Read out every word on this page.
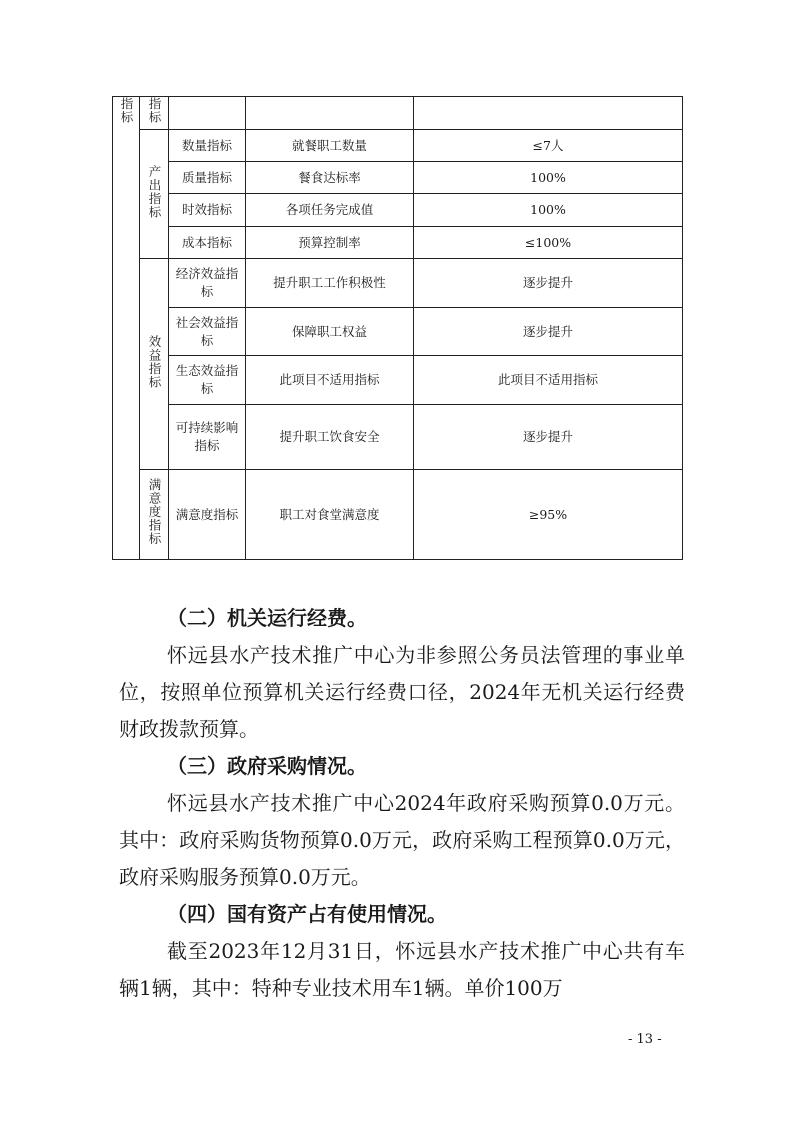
指标	指标			
	产出指标	数量指标	就餐职工数量	≤7人
		质量指标	餐食达标率	100%
		时效指标	各项任务完成值	100%
		成本指标	预算控制率	≤100%
	效益指标	经济效益指标	提升职工工作积极性	逐步提升
		社会效益指标	保障职工权益	逐步提升
		生态效益指标	此项目不适用指标	此项目不适用指标
		可持续影响指标	提升职工饮食安全	逐步提升
	满意度指标	满意度指标	职工对食堂满意度	≥95%

（二）机关运行经费。

怀远县水产技术推广中心为非参照公务员法管理的事业单位，按照单位预算机关运行经费口径，2024年无机关运行经费财政拨款预算。

（三）政府采购情况。

怀远县水产技术推广中心2024年政府采购预算0.0万元。其中：政府采购货物预算0.0万元，政府采购工程预算0.0万元，政府采购服务预算0.0万元。

（四）国有资产占有使用情况。

截至2023年12月31日，怀远县水产技术推广中心共有车辆1辆，其中：特种专业技术用车1辆。单价100万

- 13 -
